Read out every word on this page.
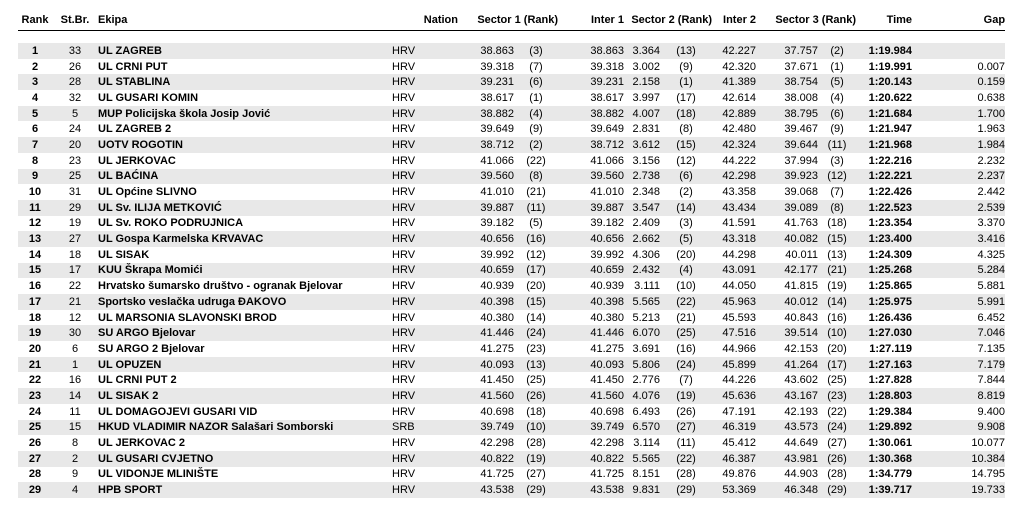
Rank	St.Br.	Ekipa	Nation	Sector 1 (Rank)		Inter 1	Sector 2 (Rank)		Inter 2	Sector 3 (Rank)		Time	Gap

1	33	UL ZAGREB	HRV	38.863	(3)	38.863	3.364	(13)	42.227	37.757	(2)	1:19.984	
2	26	UL CRNI PUT	HRV	39.318	(7)	39.318	3.002	(9)	42.320	37.671	(1)	1:19.991	0.007
3	28	UL STABLINA	HRV	39.231	(6)	39.231	2.158	(1)	41.389	38.754	(5)	1:20.143	0.159
4	32	UL GUSARI KOMIN	HRV	38.617	(1)	38.617	3.997	(17)	42.614	38.008	(4)	1:20.622	0.638
5	5	MUP Policijska škola Josip Jović	HRV	38.882	(4)	38.882	4.007	(18)	42.889	38.795	(6)	1:21.684	1.700
6	24	UL ZAGREB 2	HRV	39.649	(9)	39.649	2.831	(8)	42.480	39.467	(9)	1:21.947	1.963
7	20	UOTV ROGOTIN	HRV	38.712	(2)	38.712	3.612	(15)	42.324	39.644	(11)	1:21.968	1.984
8	23	UL JERKOVAC	HRV	41.066	(22)	41.066	3.156	(12)	44.222	37.994	(3)	1:22.216	2.232
9	25	UL BAĆINA	HRV	39.560	(8)	39.560	2.738	(6)	42.298	39.923	(12)	1:22.221	2.237
10	31	UL Općine SLIVNO	HRV	41.010	(21)	41.010	2.348	(2)	43.358	39.068	(7)	1:22.426	2.442
11	29	UL Sv. ILIJA METKOVIĆ	HRV	39.887	(11)	39.887	3.547	(14)	43.434	39.089	(8)	1:22.523	2.539
12	19	UL Sv. ROKO PODRUJNICA	HRV	39.182	(5)	39.182	2.409	(3)	41.591	41.763	(18)	1:23.354	3.370
13	27	UL Gospa Karmelska KRVAVAC	HRV	40.656	(16)	40.656	2.662	(5)	43.318	40.082	(15)	1:23.400	3.416
14	18	UL SISAK	HRV	39.992	(12)	39.992	4.306	(20)	44.298	40.011	(13)	1:24.309	4.325
15	17	KUU Škrapa Momići	HRV	40.659	(17)	40.659	2.432	(4)	43.091	42.177	(21)	1:25.268	5.284
16	22	Hrvatsko šumarsko društvo - ogranak Bjelovar	HRV	40.939	(20)	40.939	3.111	(10)	44.050	41.815	(19)	1:25.865	5.881
17	21	Sportsko veslačka udruga ĐAKOVO	HRV	40.398	(15)	40.398	5.565	(22)	45.963	40.012	(14)	1:25.975	5.991
18	12	UL MARSONIA SLAVONSKI BROD	HRV	40.380	(14)	40.380	5.213	(21)	45.593	40.843	(16)	1:26.436	6.452
19	30	SU ARGO Bjelovar	HRV	41.446	(24)	41.446	6.070	(25)	47.516	39.514	(10)	1:27.030	7.046
20	6	SU ARGO 2 Bjelovar	HRV	41.275	(23)	41.275	3.691	(16)	44.966	42.153	(20)	1:27.119	7.135
21	1	UL OPUZEN	HRV	40.093	(13)	40.093	5.806	(24)	45.899	41.264	(17)	1:27.163	7.179
22	16	UL CRNI PUT 2	HRV	41.450	(25)	41.450	2.776	(7)	44.226	43.602	(25)	1:27.828	7.844
23	14	UL SISAK 2	HRV	41.560	(26)	41.560	4.076	(19)	45.636	43.167	(23)	1:28.803	8.819
24	11	UL DOMAGOJEVI GUSARI VID	HRV	40.698	(18)	40.698	6.493	(26)	47.191	42.193	(22)	1:29.384	9.400
25	15	HKUD VLADIMIR NAZOR Salašari Somborski	SRB	39.749	(10)	39.749	6.570	(27)	46.319	43.573	(24)	1:29.892	9.908
26	8	UL JERKOVAC 2	HRV	42.298	(28)	42.298	3.114	(11)	45.412	44.649	(27)	1:30.061	10.077
27	2	UL GUSARI CVJETNO	HRV	40.822	(19)	40.822	5.565	(22)	46.387	43.981	(26)	1:30.368	10.384
28	9	UL VIDONJE MLINIŠTE	HRV	41.725	(27)	41.725	8.151	(28)	49.876	44.903	(28)	1:34.779	14.795
29	4	HPB SPORT	HRV	43.538	(29)	43.538	9.831	(29)	53.369	46.348	(29)	1:39.717	19.733
